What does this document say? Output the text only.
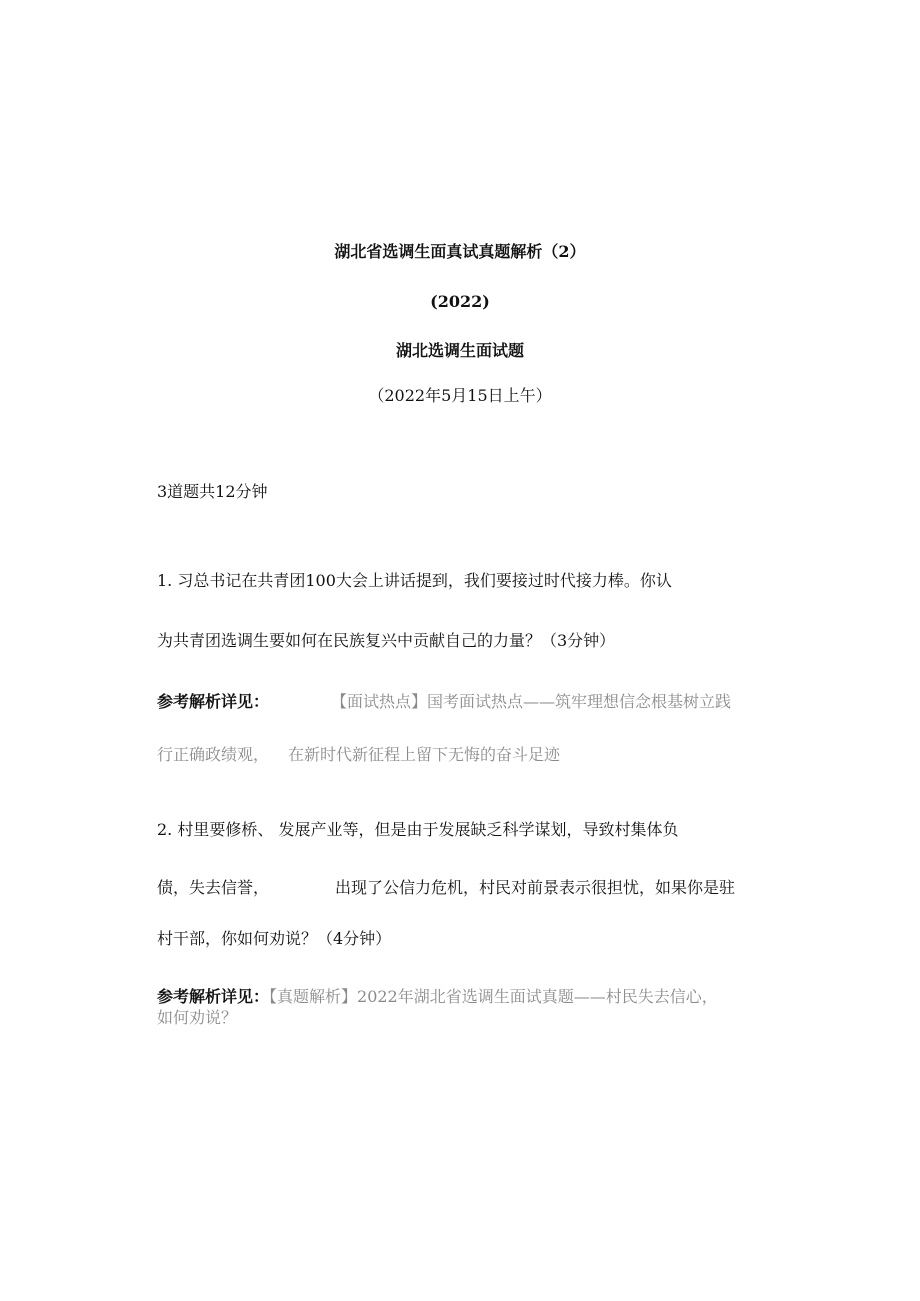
湖北省选调生面真试真题解析（2）
(2022)
湖北选调生面试题
（2022年5月15日上午）
3道题共12分钟
1. 习总书记在共青团100大会上讲话提到，我们要接过时代接力棒。你认
为共青团选调生要如何在民族复兴中贡献自己的力量？（3分钟）
参考解析详见：	【面试热点】国考面试热点——筑牢理想信念根基树立践
行正确政绩观， 在新时代新征程上留下无悔的奋斗足迹
2. 村里要修桥、 发展产业等，但是由于发展缺乏科学谋划，导致村集体负
债，失去信誉，	出现了公信力危机，村民对前景表示很担忧，如果你是驻
村干部，你如何劝说？（4分钟）
参考解析详见：【真题解析】2022年湖北省选调生面试真题——村民失去信心，
如何劝说？
